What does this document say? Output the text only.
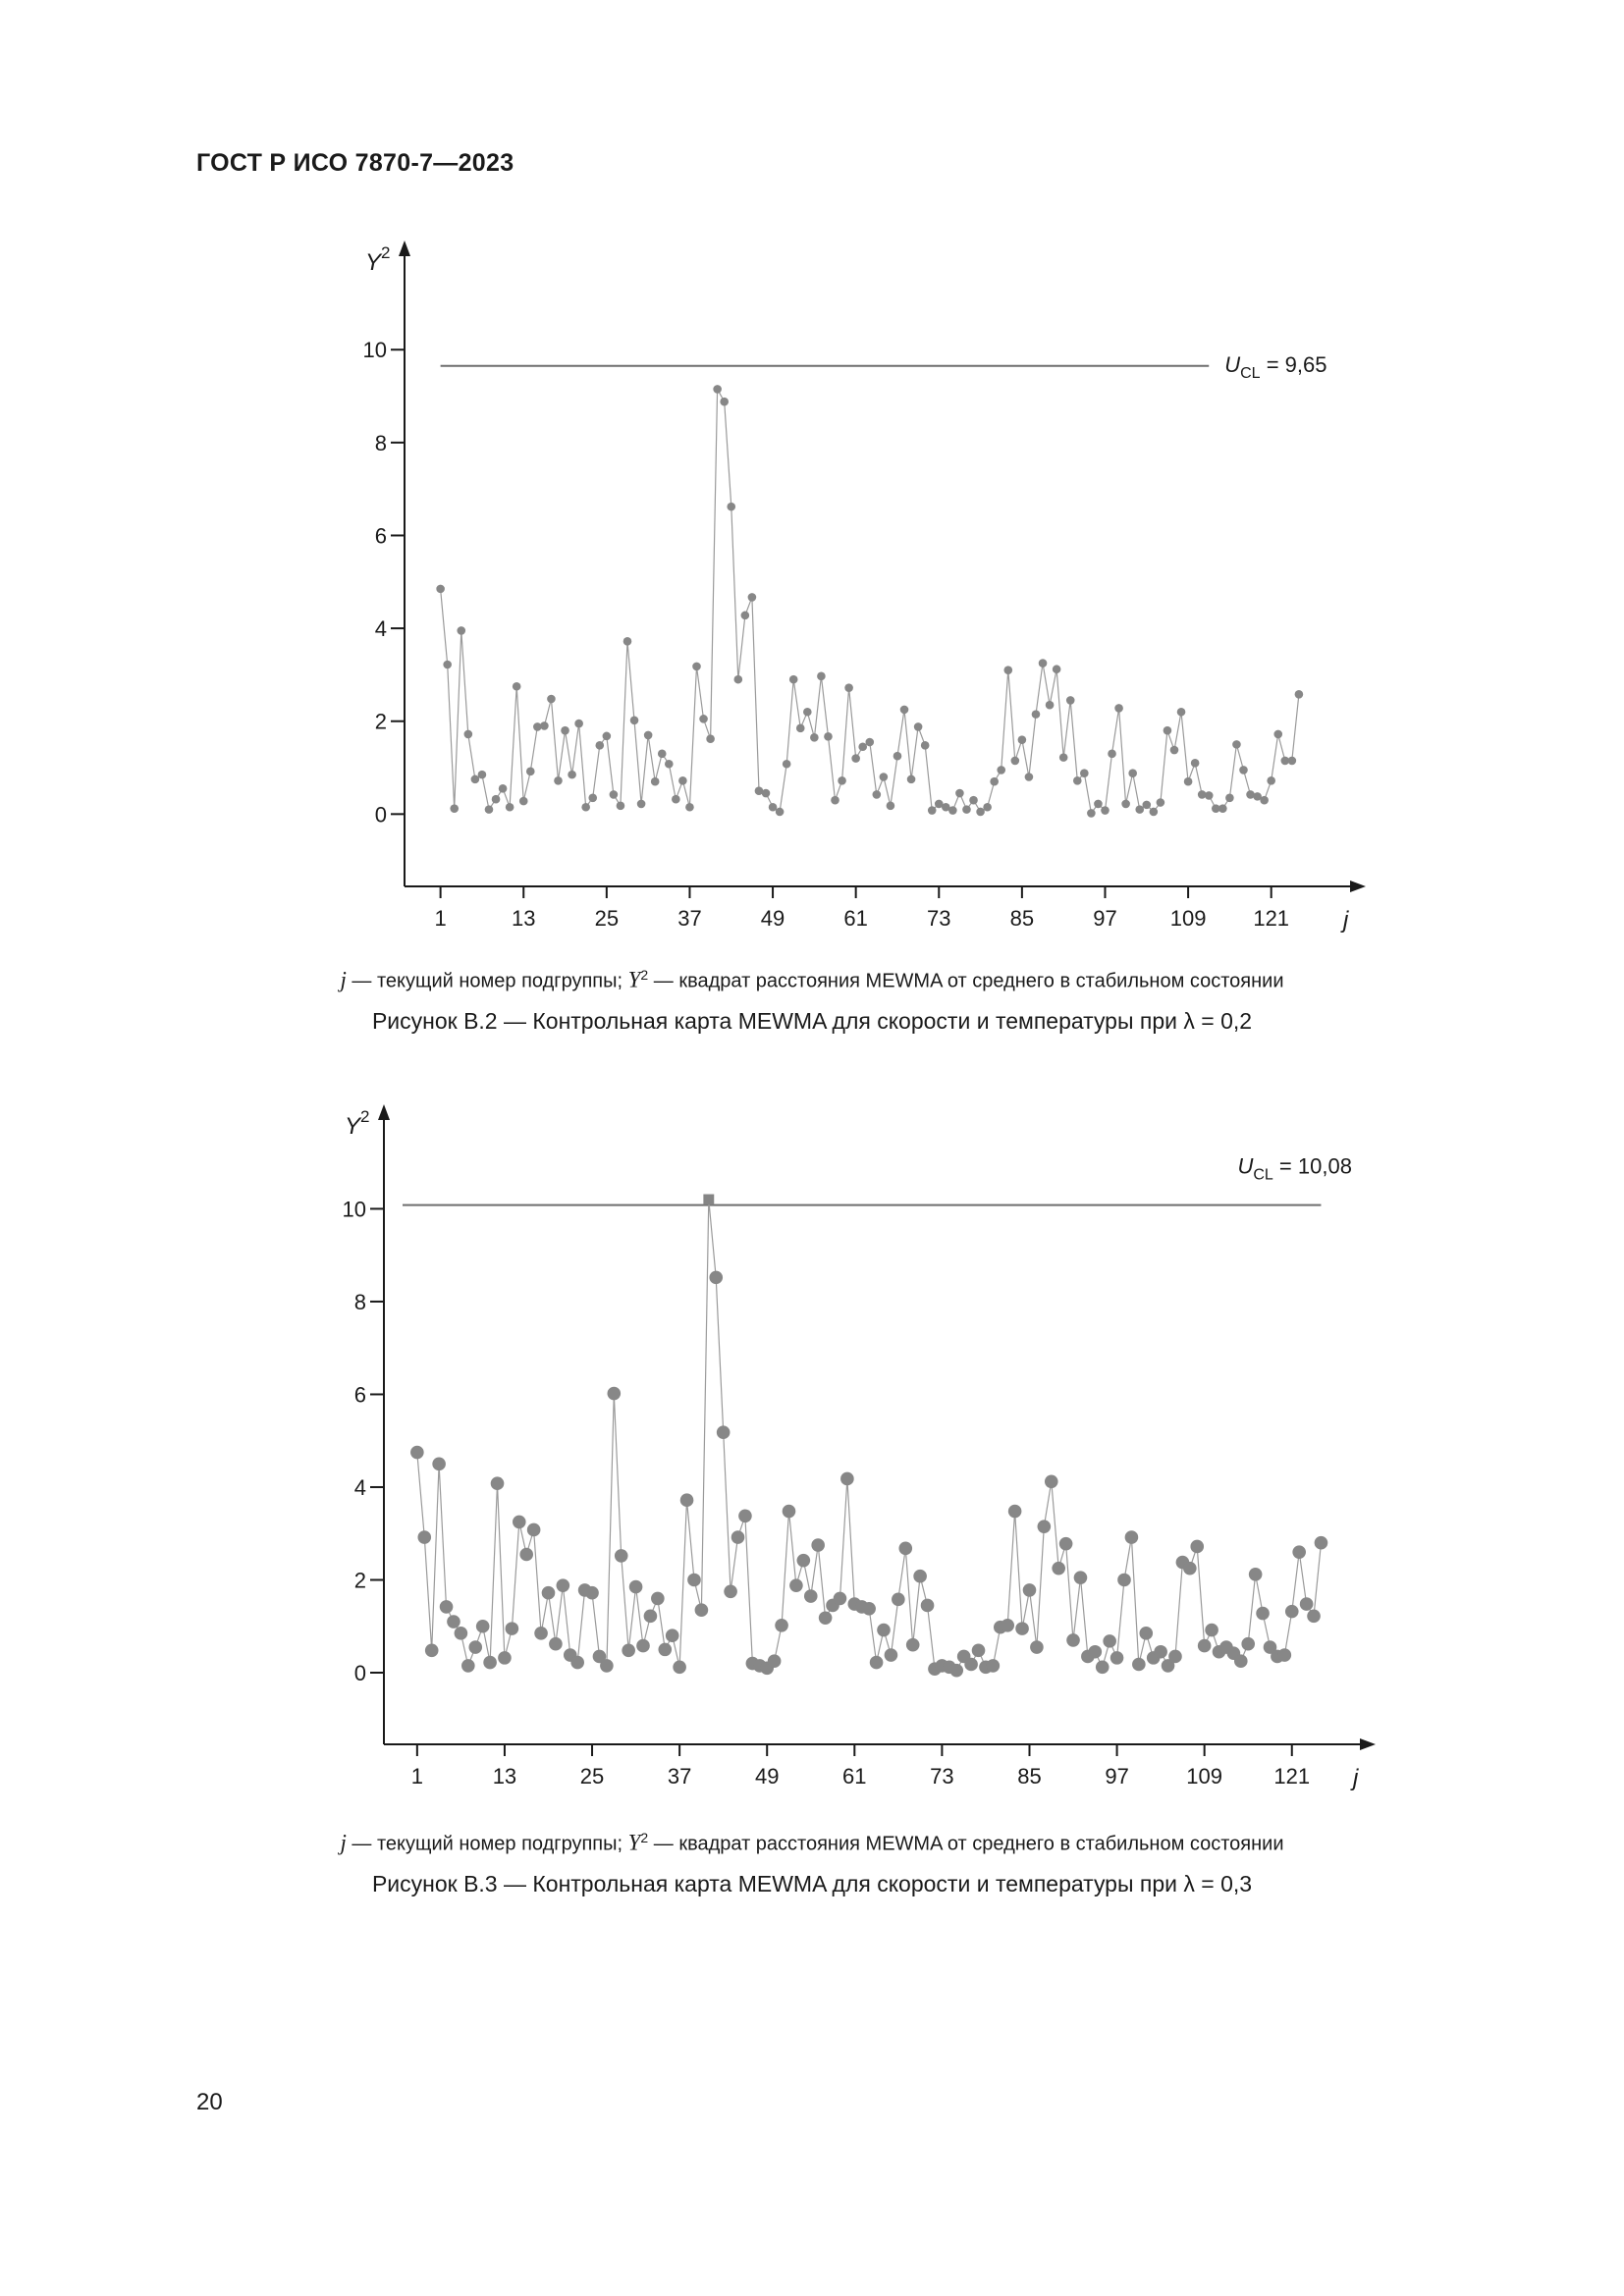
ГОСТ Р ИСО 7870-7—2023
Y 2
j
0
2
4
6
8
10
1	13	25	37	49	61	73	85	97 109 121
$U_{CL} = 9,65$
j — текущий номер подгруппы; $Y^2$ — квадрат расстояния MEWMA от среднего в стабильном состоянии
Рисунок В.2 — Контрольная карта MEWMA для скорости и температуры при λ = 0,2
Y 2
j
0
2
4
6
8
10
1	13	25	37	49	61	73	85	97	109 121
$U_{CL} = 10,08$
j — текущий номер подгруппы; $Y^2$ — квадрат расстояния MEWMA от среднего в стабильном состоянии
Рисунок В.3 — Контрольная карта MEWMA для скорости и температуры при λ = 0,3
20
